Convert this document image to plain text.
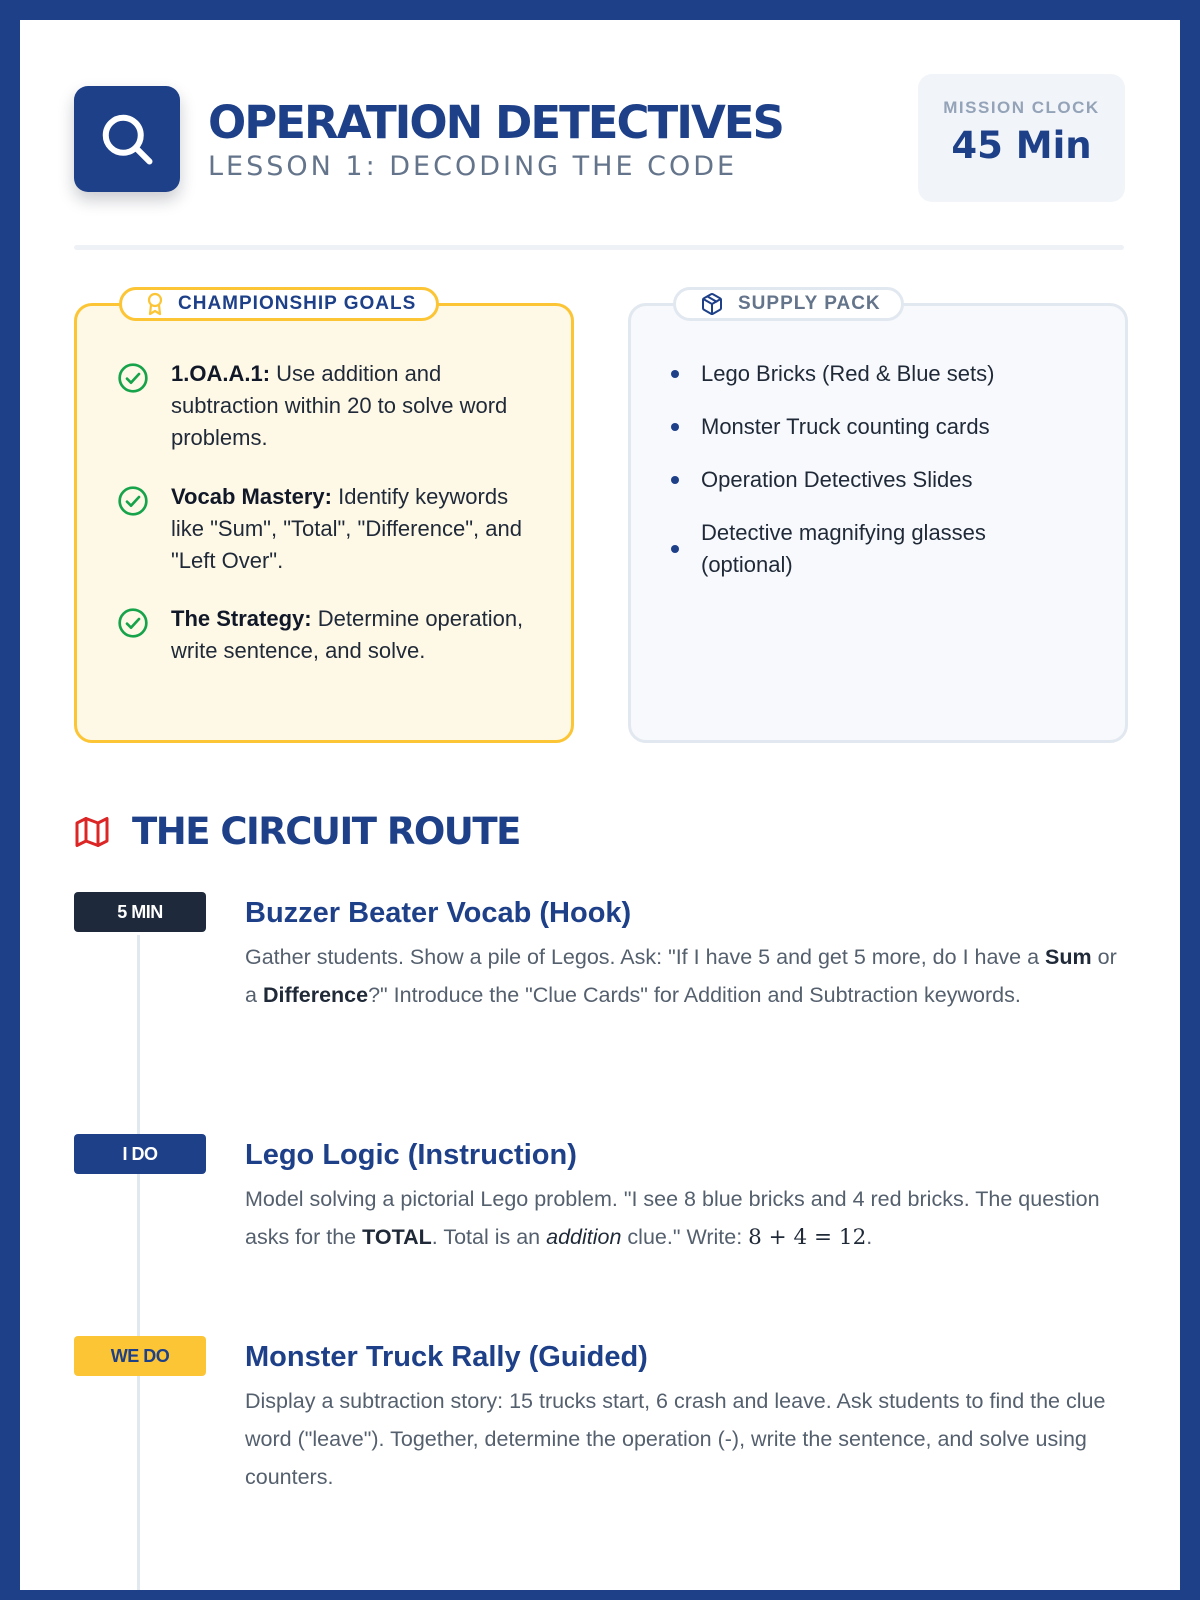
OPERATION DETECTIVES
LESSON 1: DECODING THE CODE
MISSION CLOCK
45 Min
CHAMPIONSHIP GOALS
1.OA.A.1: Use addition and subtraction within 20 to solve word problems.
Vocab Mastery: Identify keywords like "Sum", "Total", "Difference", and "Left Over".
The Strategy: Determine operation, write sentence, and solve.
SUPPLY PACK
Lego Bricks (Red & Blue sets)
Monster Truck counting cards
Operation Detectives Slides
Detective magnifying glasses (optional)
THE CIRCUIT ROUTE
5 MIN	Buzzer Beater Vocab (Hook)
Gather students. Show a pile of Legos. Ask: "If I have 5 and get 5 more, do I have a Sum or a Difference?" Introduce the "Clue Cards" for Addition and Subtraction keywords.
I DO	Lego Logic (Instruction)
Model solving a pictorial Lego problem. "I see 8 blue bricks and 4 red bricks. The question asks for the TOTAL. Total is an addition clue." Write: 8 + 4 = 12.
WE DO	Monster Truck Rally (Guided)
Display a subtraction story: 15 trucks start, 6 crash and leave. Ask students to find the clue word ("leave"). Together, determine the operation (-), write the sentence, and solve using counters.
